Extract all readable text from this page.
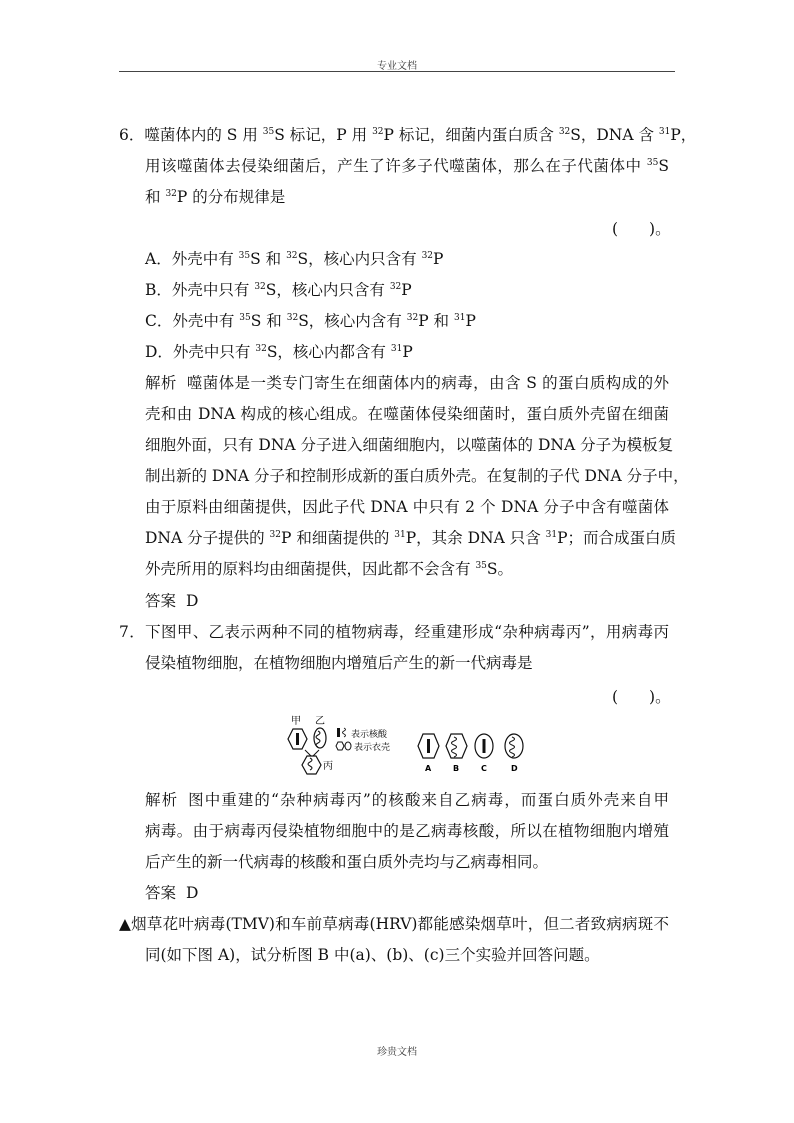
专业文档
6．噬菌体内的 S 用 $^{35}$S 标记，P 用 $^{32}$P 标记，细菌内蛋白质含 $^{32}$S，DNA 含 $^{31}$P，
用该噬菌体去侵染细菌后，产生了许多子代噬菌体，那么在子代菌体中 $^{35}$S
和 $^{32}$P 的分布规律是
(　　)。
A．外壳中有 $^{35}$S 和 $^{32}$S，核心内只含有 $^{32}$P
B．外壳中只有 $^{32}$S，核心内只含有 $^{32}$P
C．外壳中有 $^{35}$S 和 $^{32}$S，核心内含有 $^{32}$P 和 $^{31}$P
D．外壳中只有 $^{32}$S，核心内都含有 $^{31}$P
解析 噬菌体是一类专门寄生在细菌体内的病毒，由含 S 的蛋白质构成的外
壳和由 DNA 构成的核心组成。在噬菌体侵染细菌时，蛋白质外壳留在细菌
细胞外面，只有 DNA 分子进入细菌细胞内，以噬菌体的 DNA 分子为模板复
制出新的 DNA 分子和控制形成新的蛋白质外壳。在复制的子代 DNA 分子中，
由于原料由细菌提供，因此子代 DNA 中只有 2 个 DNA 分子中含有噬菌体
DNA 分子提供的 $^{32}$P 和细菌提供的 $^{31}$P，其余 DNA 只含 $^{31}$P；而合成蛋白质
外壳所用的原料均由细菌提供，因此都不会含有 $^{35}$S。
答案 D
7．下图甲、乙表示两种不同的植物病毒，经重建形成“杂种病毒丙”，用病毒丙
侵染植物细胞，在植物细胞内增殖后产生的新一代病毒是
(　　)。
甲 乙
丙
表示核酸
表示衣壳
A	B	C	D
解析 图中重建的“杂种病毒丙”的核酸来自乙病毒，而蛋白质外壳来自甲
病毒。由于病毒丙侵染植物细胞中的是乙病毒核酸，所以在植物细胞内增殖
后产生的新一代病毒的核酸和蛋白质外壳均与乙病毒相同。
答案 D
▲烟草花叶病毒(TMV)和车前草病毒(HRV)都能感染烟草叶，但二者致病病斑不
同(如下图 A)，试分析图 B 中(a)、(b)、(c)三个实验并回答问题。
珍贵文档
